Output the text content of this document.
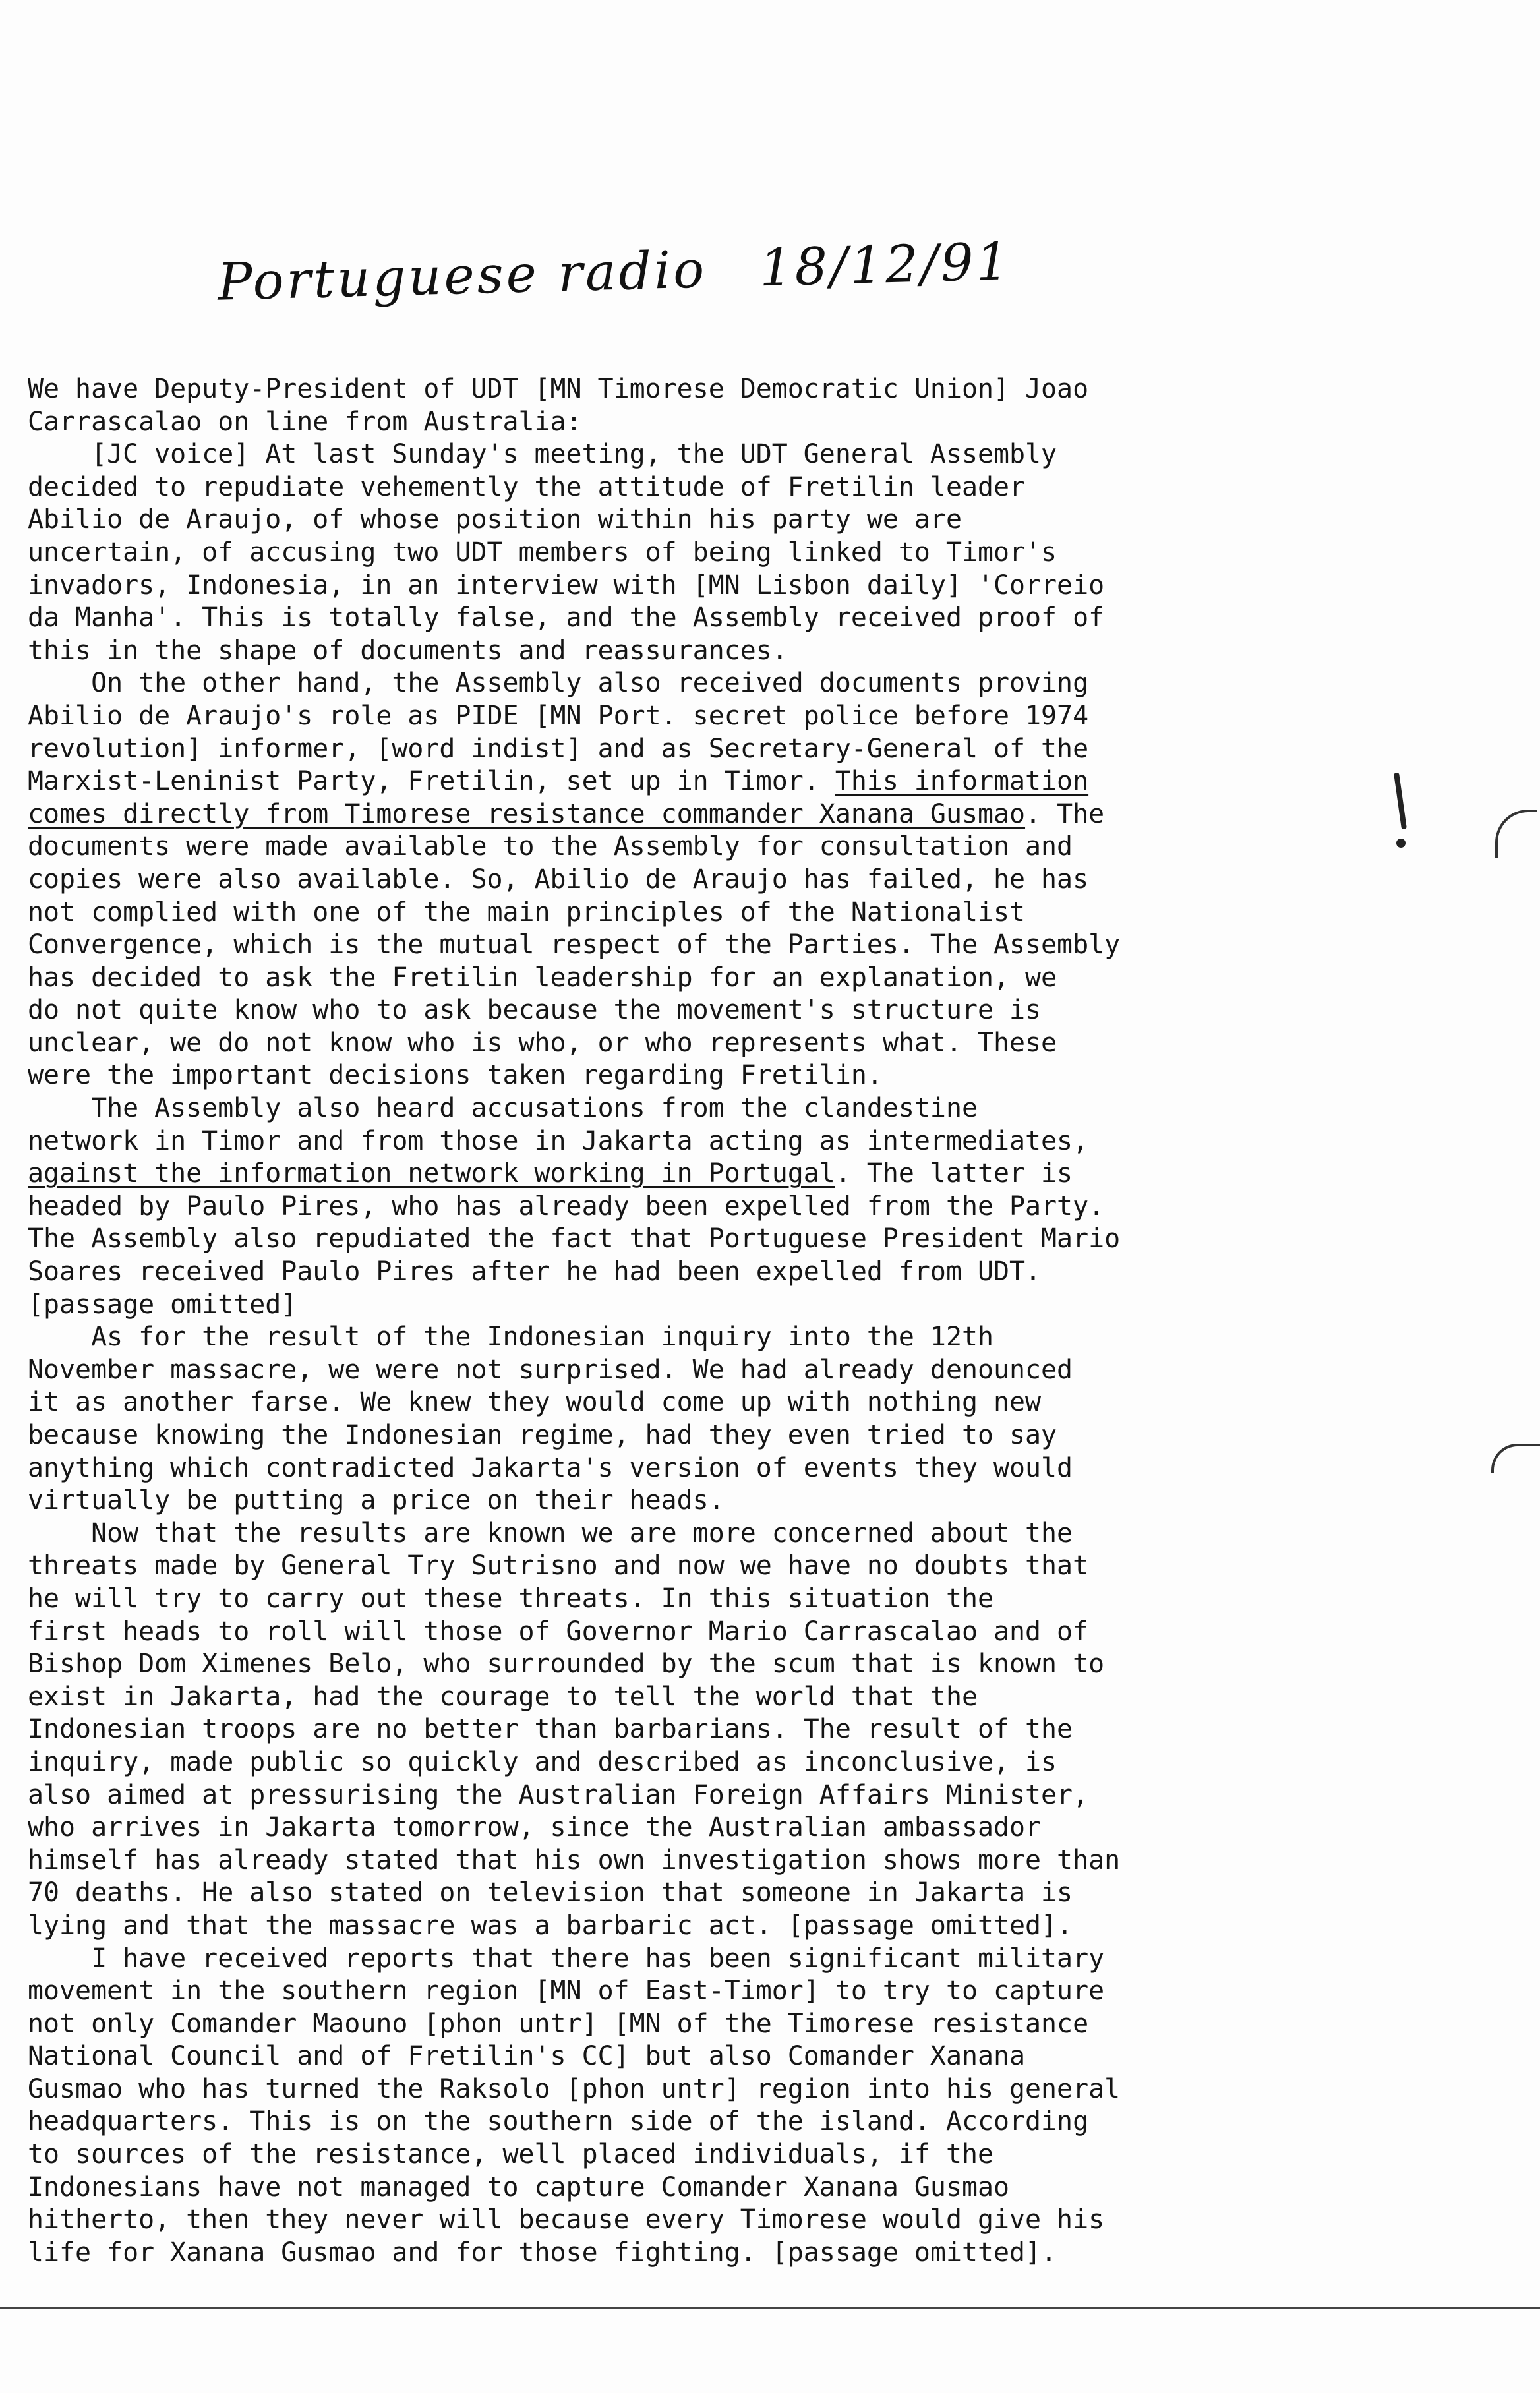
Portuguese radio 18/12/91
We have Deputy-President of UDT [MN Timorese Democratic Union] Joao
Carrascalao on line from Australia:
[JC voice] At last Sunday's meeting, the UDT General Assembly
decided to repudiate vehemently the attitude of Fretilin leader
Abilio de Araujo, of whose position within his party we are
uncertain, of accusing two UDT members of being linked to Timor's
invadors, Indonesia, in an interview with [MN Lisbon daily] 'Correio
da Manha'. This is totally false, and the Assembly received proof of
this in the shape of documents and reassurances.
On the other hand, the Assembly also received documents proving
Abilio de Araujo's role as PIDE [MN Port. secret police before 1974
revolution] informer, [word indist] and as Secretary-General of the
Marxist-Leninist Party, Fretilin, set up in Timor. This information
comes directly from Timorese resistance commander Xanana Gusmao. The
documents were made available to the Assembly for consultation and
copies were also available. So, Abilio de Araujo has failed, he has
not complied with one of the main principles of the Nationalist
Convergence, which is the mutual respect of the Parties. The Assembly
has decided to ask the Fretilin leadership for an explanation, we
do not quite know who to ask because the movement's structure is
unclear, we do not know who is who, or who represents what. These
were the important decisions taken regarding Fretilin.
The Assembly also heard accusations from the clandestine
network in Timor and from those in Jakarta acting as intermediates,
against the information network working in Portugal. The latter is
headed by Paulo Pires, who has already been expelled from the Party.
The Assembly also repudiated the fact that Portuguese President Mario
Soares received Paulo Pires after he had been expelled from UDT.
[passage omitted]
As for the result of the Indonesian inquiry into the 12th
November massacre, we were not surprised. We had already denounced
it as another farse. We knew they would come up with nothing new
because knowing the Indonesian regime, had they even tried to say
anything which contradicted Jakarta's version of events they would
virtually be putting a price on their heads.
Now that the results are known we are more concerned about the
threats made by General Try Sutrisno and now we have no doubts that
he will try to carry out these threats. In this situation the
first heads to roll will those of Governor Mario Carrascalao and of
Bishop Dom Ximenes Belo, who surrounded by the scum that is known to
exist in Jakarta, had the courage to tell the world that the
Indonesian troops are no better than barbarians. The result of the
inquiry, made public so quickly and described as inconclusive, is
also aimed at pressurising the Australian Foreign Affairs Minister,
who arrives in Jakarta tomorrow, since the Australian ambassador
himself has already stated that his own investigation shows more than
70 deaths. He also stated on television that someone in Jakarta is
lying and that the massacre was a barbaric act. [passage omitted].
I have received reports that there has been significant military
movement in the southern region [MN of East-Timor] to try to capture
not only Comander Maouno [phon untr] [MN of the Timorese resistance
National Council and of Fretilin's CC] but also Comander Xanana
Gusmao who has turned the Raksolo [phon untr] region into his general
headquarters. This is on the southern side of the island. According
to sources of the resistance, well placed individuals, if the
Indonesians have not managed to capture Comander Xanana Gusmao
hitherto, then they never will because every Timorese would give his
life for Xanana Gusmao and for those fighting. [passage omitted].
